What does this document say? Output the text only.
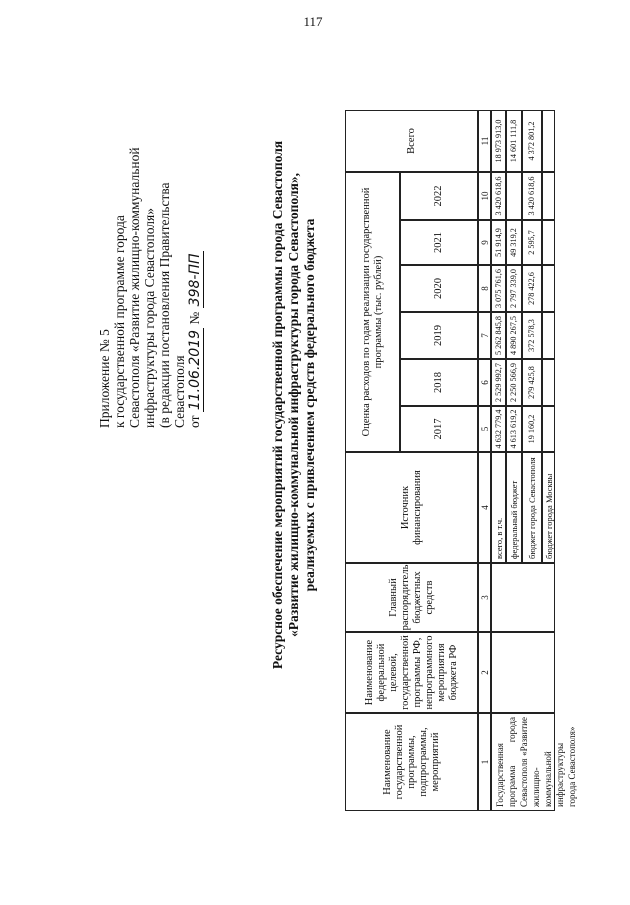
117
Приложение № 5 к государственной программе города Севастополя «Развитие жилищно-коммунальной инфраструктуры города Севастополя» (в редакции постановления Правительства Севастополя от 11.06.2019 № 398-ПП	Ресурсное обеспечение мероприятий государственной программы города Севастополя «Развитие жилищно-коммунальной инфраструктуры города Севастополя», реализуемых с привлечением средств федерального бюджета
Наименование государственной программы, подпрограммы, мероприятий
Наименование федеральной целевой, государственной программы РФ, непрограммного мероприятия бюджета РФ
Главный распорядитель бюджетных средств
Источник финансирования
Оценка расходов по годам реализации государственной программы (тыс. рублей)
2017
2018
2019
2020
2021
2022
Всего
1
2
3
4
5
6
7
8
9
10
11
Государственная программа города Севастополя «Развитие жилищно-коммунальной инфраструктуры города Севастополя»
всего, в т.ч.
4 632 779,4
2 529 992,7
5 262 845,8
3 075 761,6
51 914,9
3 420 618,6
18 973 913,0
федеральный бюджет
4 613 619,2
2 250 566,9
4 890 267,5
2 797 339,0
49 319,2
14 601 111,8
бюджет города Севастополя
19 160,2
279 425,8
372 578,3
278 422,6
2 595,7
3 420 618,6
4 372 801,2
бюджет города Москвы
